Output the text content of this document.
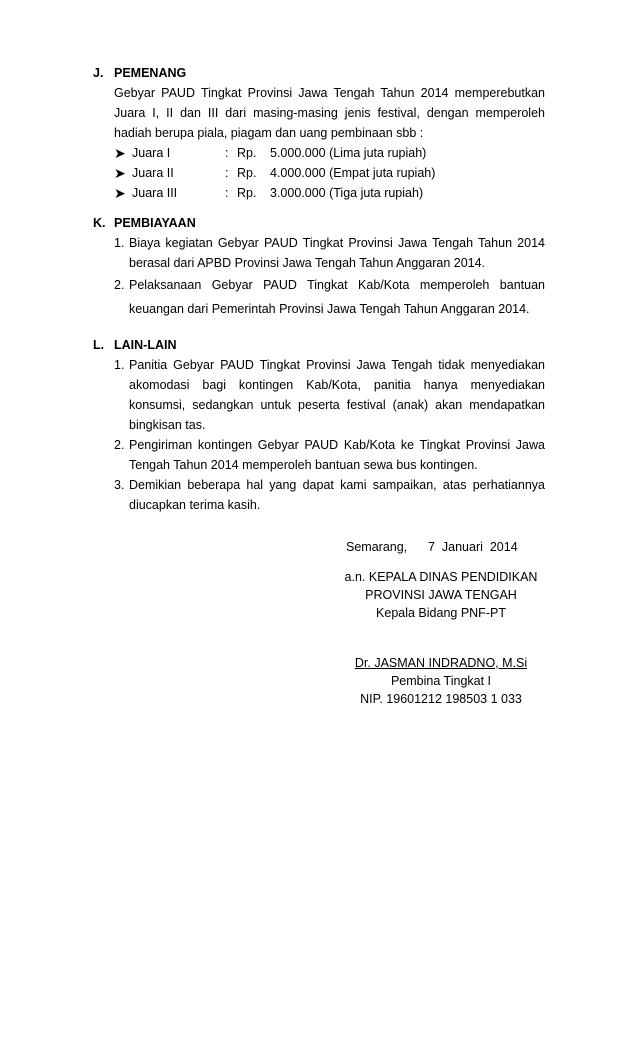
J. PEMENANG
Gebyar PAUD Tingkat Provinsi Jawa Tengah Tahun 2014 memperebutkan Juara I, II dan III dari masing-masing jenis festival, dengan memperoleh hadiah berupa piala, piagam dan uang pembinaan sbb :
➤ Juara I	: Rp.	5.000.000 (Lima juta rupiah)
➤ Juara II	: Rp.	4.000.000 (Empat juta rupiah)
➤ Juara III	: Rp.	3.000.000 (Tiga juta rupiah)
K. PEMBIAYAAN
1. Biaya kegiatan Gebyar PAUD Tingkat Provinsi Jawa Tengah Tahun 2014 berasal dari APBD Provinsi Jawa Tengah Tahun Anggaran 2014.
2. Pelaksanaan Gebyar PAUD Tingkat Kab/Kota memperoleh bantuan keuangan dari Pemerintah Provinsi Jawa Tengah Tahun Anggaran 2014.
L. LAIN-LAIN
1. Panitia Gebyar PAUD Tingkat Provinsi Jawa Tengah tidak menyediakan akomodasi bagi kontingen Kab/Kota, panitia hanya menyediakan konsumsi, sedangkan untuk peserta festival (anak) akan mendapatkan bingkisan tas.
2. Pengiriman kontingen Gebyar PAUD Kab/Kota ke Tingkat Provinsi Jawa Tengah Tahun 2014 memperoleh bantuan sewa bus kontingen.
3. Demikian beberapa hal yang dapat kami sampaikan, atas perhatiannya diucapkan terima kasih.
Semarang,	7  Januari  2014
a.n. KEPALA DINAS PENDIDIKAN
PROVINSI JAWA TENGAH
Kepala Bidang PNF-PT
Dr. JASMAN INDRADNO, M.Si
Pembina Tingkat I
NIP. 19601212 198503 1 033
